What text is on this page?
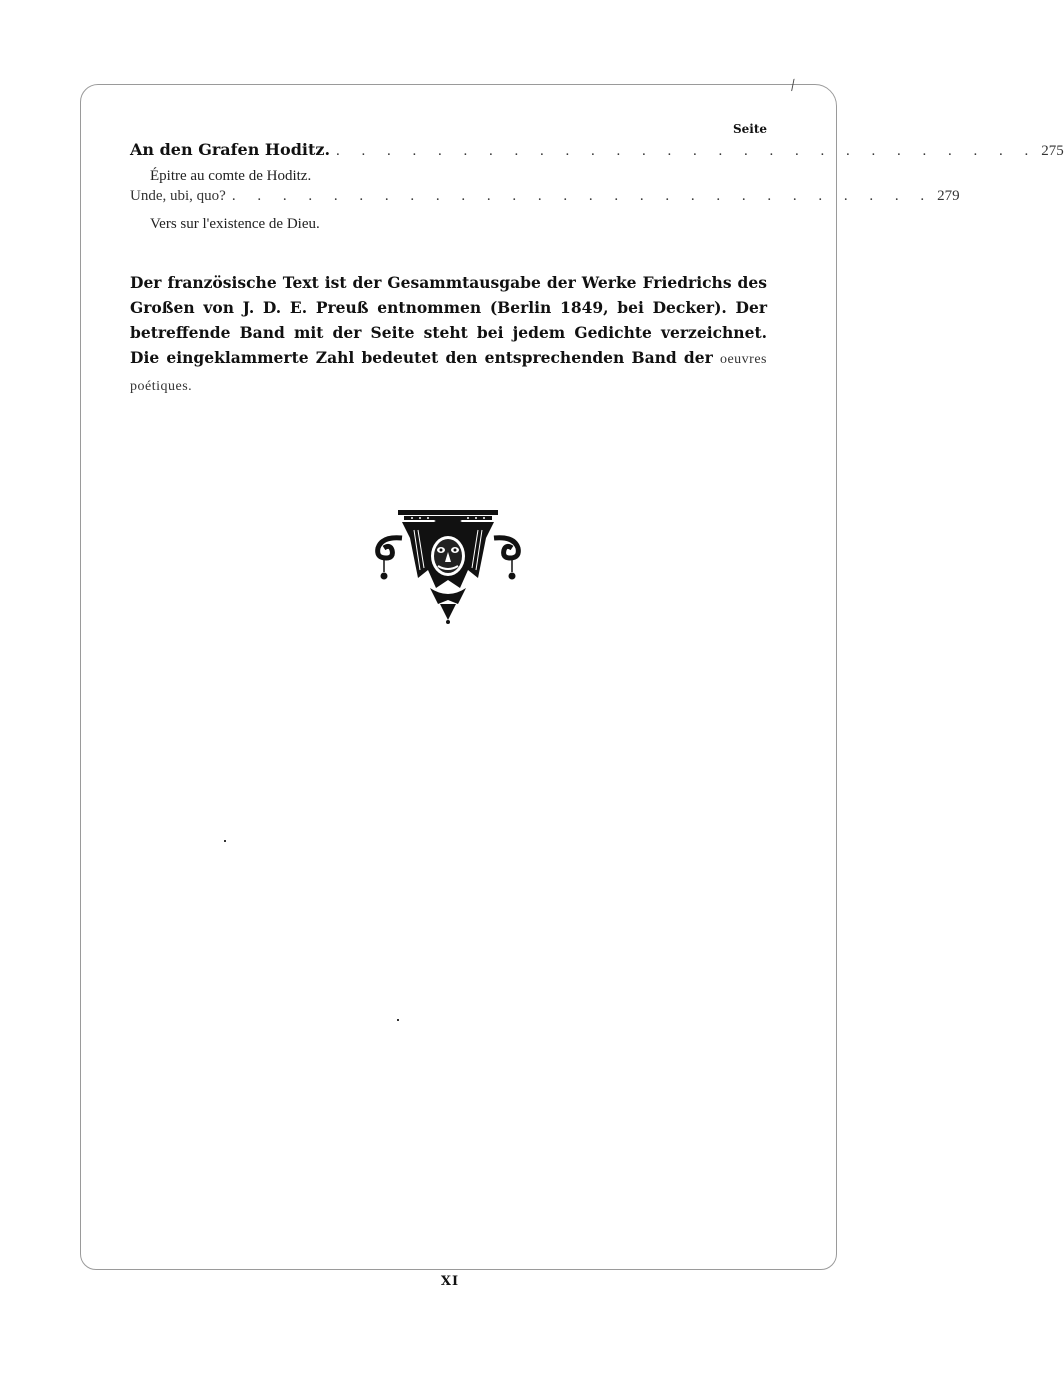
⁄
Seite
An den Grafen Hoditz. . . . . . . . . . . . . . . . . . . . . . . . . . . . . 275
Épitre au comte de Hoditz.
Unde, ubi, quo? . . . . . . . . . . . . . . . . . . . . . . . . . . . . 279
Vers sur l'existence de Dieu.
Der französische Text ist der Gesammtausgabe der Werke Friedrichs des Großen von J. D. E. Preuß entnommen (Berlin 1849, bei Decker). Der betreffende Band mit der Seite steht bei jedem Gedichte verzeichnet. Die eingeklammerte Zahl bedeutet den entsprechenden Band der oeuvres poétiques.
XI
